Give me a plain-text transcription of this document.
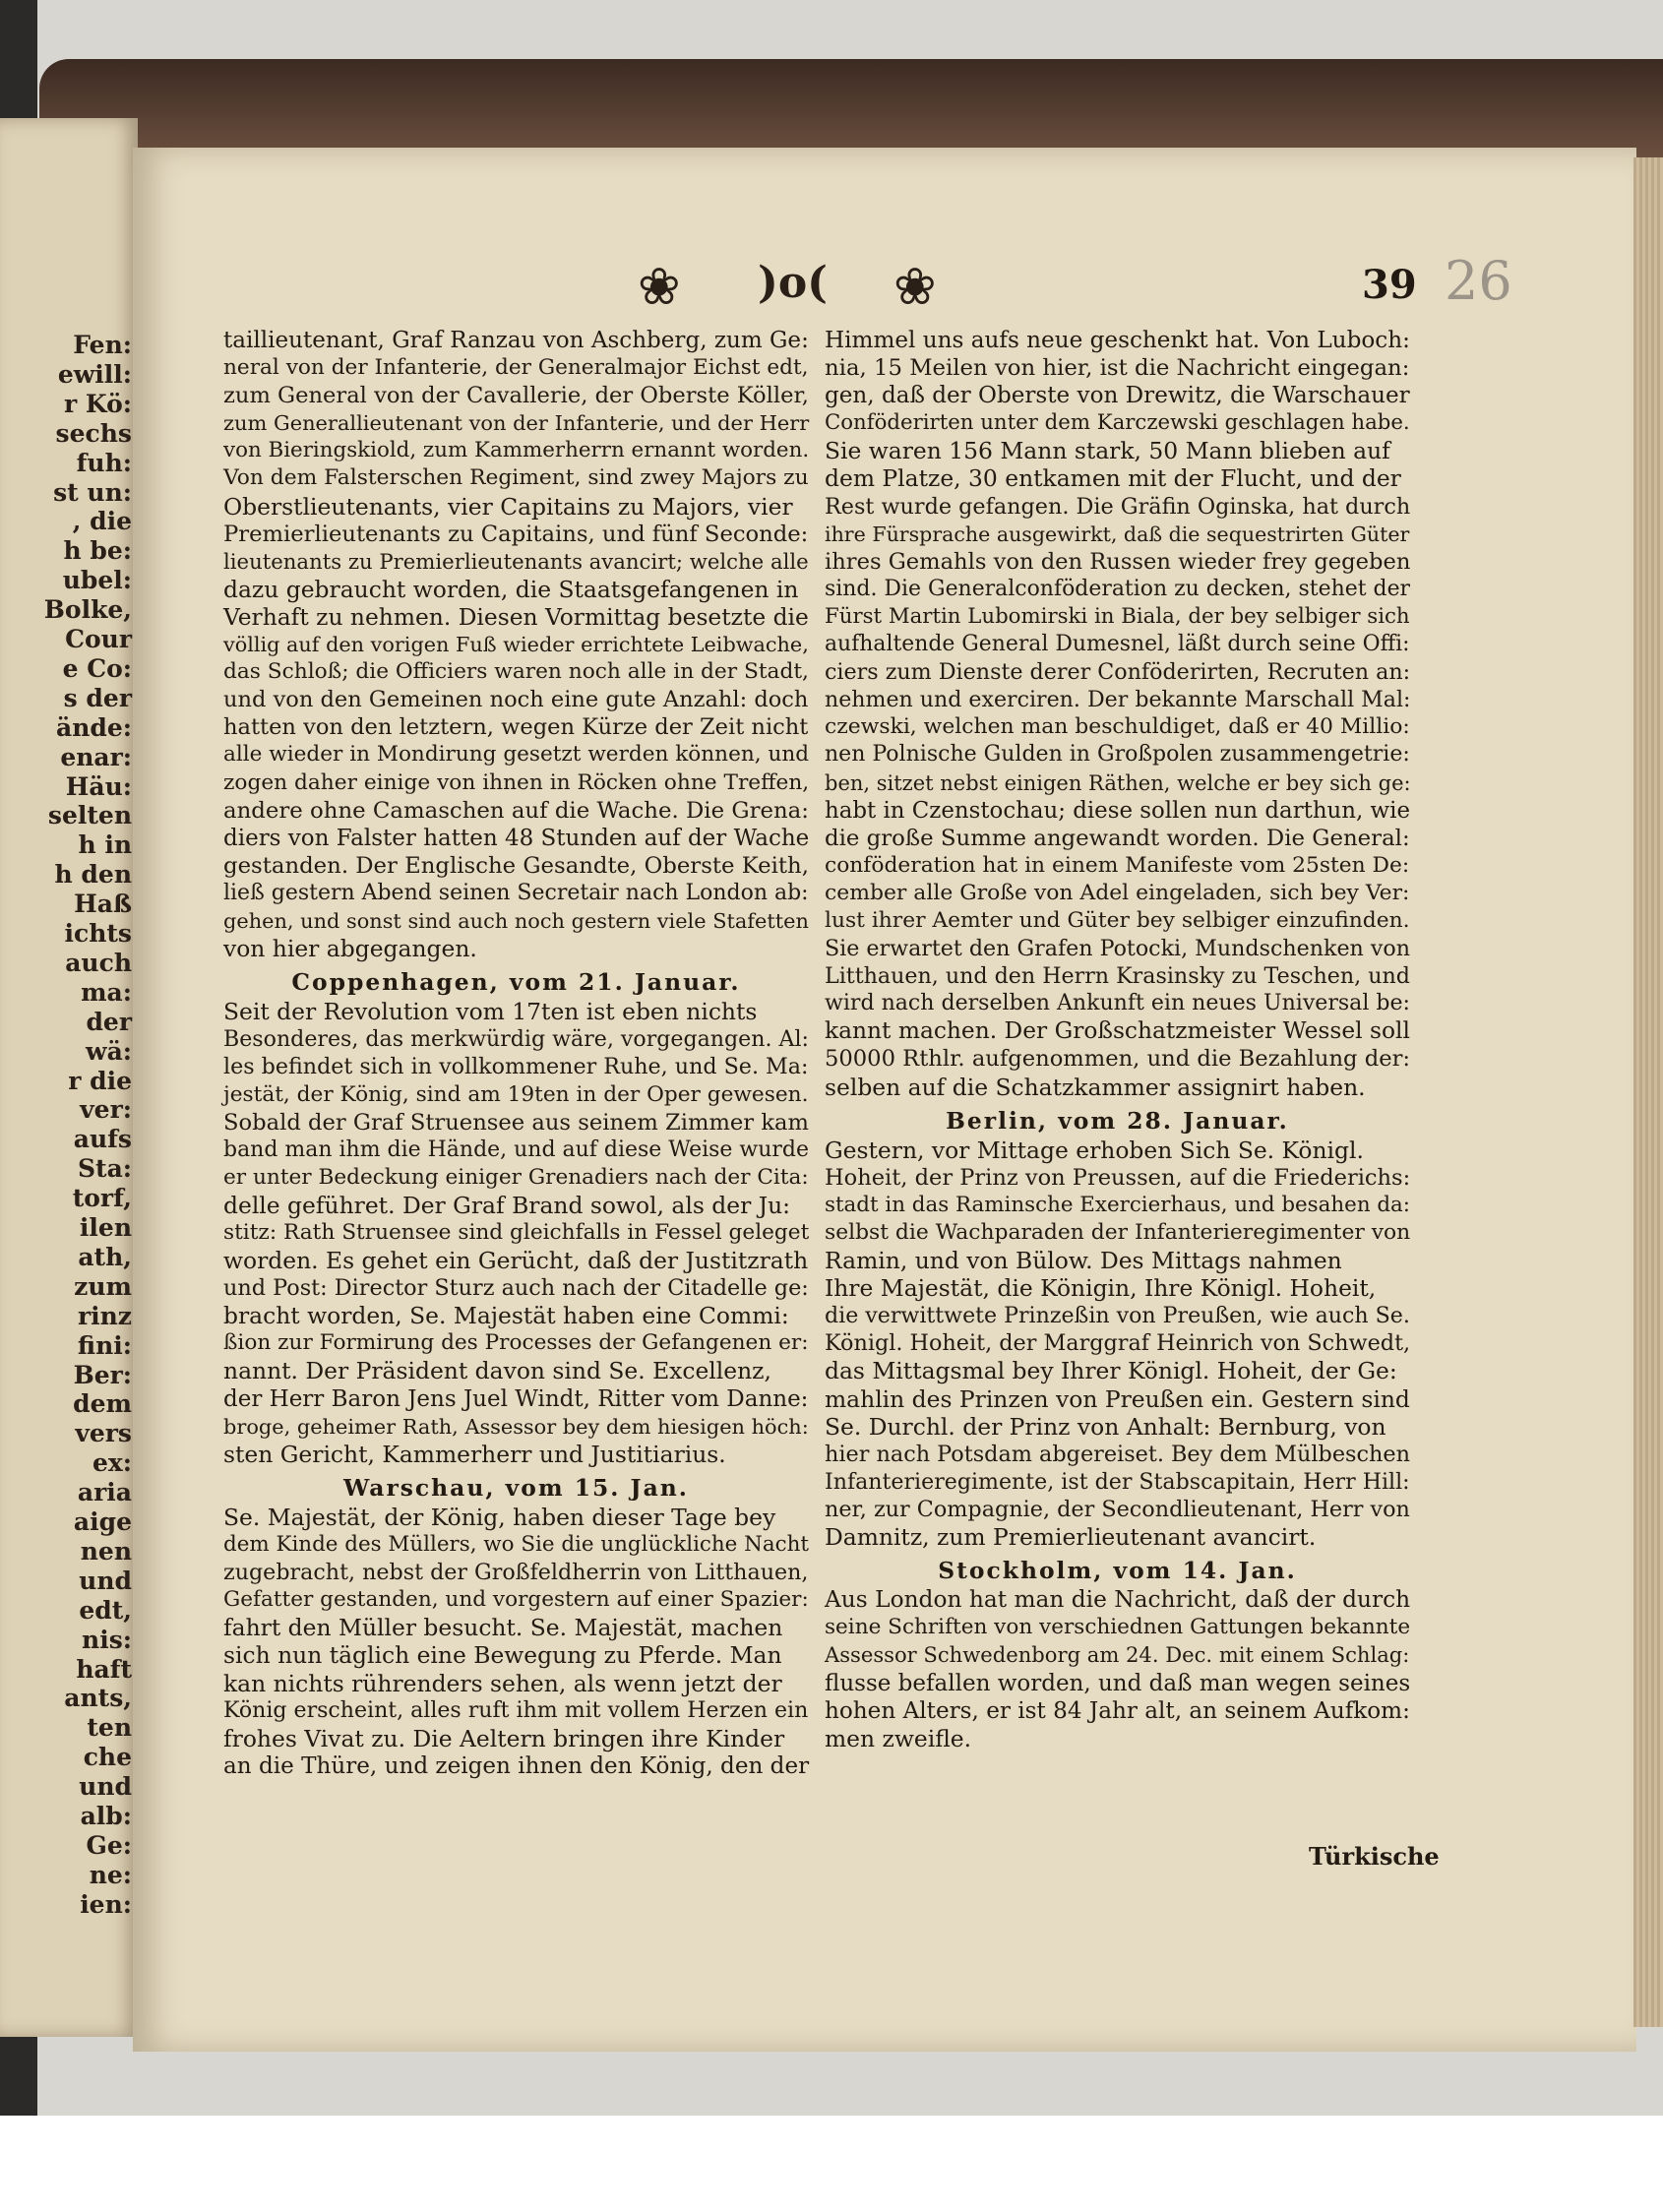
Fen:
ewill:
r Kö:
sechs
fuh:
st un:
, die
h be:
ubel:
Bolke,
Cour
e Co:
s der
ände:
enar:
Häu:
selten
h in
h den
Haß
ichts
auch
ma:
der
wä:
r die
ver:
aufs
Sta:
torf,
ilen
ath,
zum
rinz
fini:
Ber:
dem
vers
ex:
aria
aige
nen
und
edt,
nis:
haft
ants,
ten
che
und
alb:
Ge:
ne:
ien:
❀ )o( ❀	39 26
taillieutenant, Graf Ranzau von Aschberg, zum Ge:
neral von der Infanterie, der Generalmajor Eichst edt,
zum General von der Cavallerie, der Oberste Köller,
zum Generallieutenant von der Infanterie, und der Herr
von Bieringskiold, zum Kammerherrn ernannt worden.
Von dem Falsterschen Regiment, sind zwey Majors zu
Oberstlieutenants, vier Capitains zu Majors, vier
Premierlieutenants zu Capitains, und fünf Seconde:
lieutenants zu Premierlieutenants avancirt; welche alle
dazu gebraucht worden, die Staatsgefangenen in
Verhaft zu nehmen. Diesen Vormittag besetzte die
völlig auf den vorigen Fuß wieder errichtete Leibwache,
das Schloß; die Officiers waren noch alle in der Stadt,
und von den Gemeinen noch eine gute Anzahl: doch
hatten von den letztern, wegen Kürze der Zeit nicht
alle wieder in Mondirung gesetzt werden können, und
zogen daher einige von ihnen in Röcken ohne Treffen,
andere ohne Camaschen auf die Wache. Die Grena:
diers von Falster hatten 48 Stunden auf der Wache
gestanden. Der Englische Gesandte, Oberste Keith,
ließ gestern Abend seinen Secretair nach London ab:
gehen, und sonst sind auch noch gestern viele Stafetten
von hier abgegangen.
Coppenhagen, vom 21. Januar.
Seit der Revolution vom 17ten ist eben nichts
Besonderes, das merkwürdig wäre, vorgegangen. Al:
les befindet sich in vollkommener Ruhe, und Se. Ma:
jestät, der König, sind am 19ten in der Oper gewesen.
Sobald der Graf Struensee aus seinem Zimmer kam
band man ihm die Hände, und auf diese Weise wurde
er unter Bedeckung einiger Grenadiers nach der Cita:
delle geführet. Der Graf Brand sowol, als der Ju:
stitz: Rath Struensee sind gleichfalls in Fessel geleget
worden. Es gehet ein Gerücht, daß der Justitzrath
und Post: Director Sturz auch nach der Citadelle ge:
bracht worden, Se. Majestät haben eine Commi:
ßion zur Formirung des Processes der Gefangenen er:
nannt. Der Präsident davon sind Se. Excellenz,
der Herr Baron Jens Juel Windt, Ritter vom Danne:
broge, geheimer Rath, Assessor bey dem hiesigen höch:
sten Gericht, Kammerherr und Justitiarius.
Warschau, vom 15. Jan.
Se. Majestät, der König, haben dieser Tage bey
dem Kinde des Müllers, wo Sie die unglückliche Nacht
zugebracht, nebst der Großfeldherrin von Litthauen,
Gefatter gestanden, und vorgestern auf einer Spazier:
fahrt den Müller besucht. Se. Majestät, machen
sich nun täglich eine Bewegung zu Pferde. Man
kan nichts rührenders sehen, als wenn jetzt der
König erscheint, alles ruft ihm mit vollem Herzen ein
frohes Vivat zu. Die Aeltern bringen ihre Kinder
an die Thüre, und zeigen ihnen den König, den der
Himmel uns aufs neue geschenkt hat. Von Luboch:
nia, 15 Meilen von hier, ist die Nachricht eingegan:
gen, daß der Oberste von Drewitz, die Warschauer
Conföderirten unter dem Karczewski geschlagen habe.
Sie waren 156 Mann stark, 50 Mann blieben auf
dem Platze, 30 entkamen mit der Flucht, und der
Rest wurde gefangen. Die Gräfin Oginska, hat durch
ihre Fürsprache ausgewirkt, daß die sequestrirten Güter
ihres Gemahls von den Russen wieder frey gegeben
sind. Die Generalconföderation zu decken, stehet der
Fürst Martin Lubomirski in Biala, der bey selbiger sich
aufhaltende General Dumesnel, läßt durch seine Offi:
ciers zum Dienste derer Conföderirten, Recruten an:
nehmen und exerciren. Der bekannte Marschall Mal:
czewski, welchen man beschuldiget, daß er 40 Millio:
nen Polnische Gulden in Großpolen zusammengetrie:
ben, sitzet nebst einigen Räthen, welche er bey sich ge:
habt in Czenstochau; diese sollen nun darthun, wie
die große Summe angewandt worden. Die General:
conföderation hat in einem Manifeste vom 25sten De:
cember alle Große von Adel eingeladen, sich bey Ver:
lust ihrer Aemter und Güter bey selbiger einzufinden.
Sie erwartet den Grafen Potocki, Mundschenken von
Litthauen, und den Herrn Krasinsky zu Teschen, und
wird nach derselben Ankunft ein neues Universal be:
kannt machen. Der Großschatzmeister Wessel soll
50000 Rthlr. aufgenommen, und die Bezahlung der:
selben auf die Schatzkammer assignirt haben.
Berlin, vom 28. Januar.
Gestern, vor Mittage erhoben Sich Se. Königl.
Hoheit, der Prinz von Preussen, auf die Friederichs:
stadt in das Raminsche Exercierhaus, und besahen da:
selbst die Wachparaden der Infanterieregimenter von
Ramin, und von Bülow. Des Mittags nahmen
Ihre Majestät, die Königin, Ihre Königl. Hoheit,
die verwittwete Prinzeßin von Preußen, wie auch Se.
Königl. Hoheit, der Marggraf Heinrich von Schwedt,
das Mittagsmal bey Ihrer Königl. Hoheit, der Ge:
mahlin des Prinzen von Preußen ein. Gestern sind
Se. Durchl. der Prinz von Anhalt: Bernburg, von
hier nach Potsdam abgereiset. Bey dem Mülbeschen
Infanterieregimente, ist der Stabscapitain, Herr Hill:
ner, zur Compagnie, der Secondlieutenant, Herr von
Damnitz, zum Premierlieutenant avancirt.
Stockholm, vom 14. Jan.
Aus London hat man die Nachricht, daß der durch
seine Schriften von verschiednen Gattungen bekannte
Assessor Schwedenborg am 24. Dec. mit einem Schlag:
flusse befallen worden, und daß man wegen seines
hohen Alters, er ist 84 Jahr alt, an seinem Aufkom:
men zweifle.
Türkische
